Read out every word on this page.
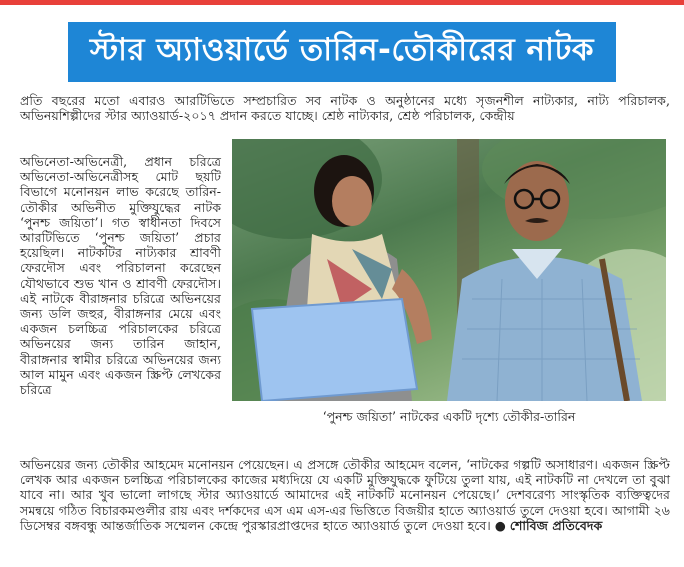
স্টার অ্যাওয়ার্ডে তারিন-তৌকীরের নাটক

প্রতি বছরের মতো এবারও আরটিভিতে সম্প্রচারিত সব নাটক ও অনুষ্ঠানের মধ্যে সৃজনশীল নাট্যকার, নাট্য পরিচালক, অভিনয়শিল্পীদের স্টার অ্যাওয়ার্ড-২০১৭ প্রদান করতে যাচ্ছে। শ্রেষ্ঠ নাট্যকার, শ্রেষ্ঠ পরিচালক, কেন্দ্রীয়

অভিনেতা-অভিনেত্রী, প্রধান চরিত্রে অভিনেতা-অভিনেত্রীসহ মোট ছয়টি বিভাগে মনোনয়ন লাভ করেছে তারিন-তৌকীর অভিনীত মুক্তিযুদ্ধের নাটক ‘পুনশ্চ জয়িতা’। গত স্বাধীনতা দিবসে আরটিভিতে ‘পুনশ্চ জয়িতা’ প্রচার হয়েছিল। নাটকটির নাট্যকার শ্রাবণী ফেরদৌস এবং পরিচালনা করেছেন যৌথভাবে শুভ খান ও শ্রাবণী ফেরদৌস। এই নাটকে বীরাঙ্গনার চরিত্রে অভিনয়ের জন্য ডলি জহুর, বীরাঙ্গনার মেয়ে এবং একজন চলচ্চিত্র পরিচালকের চরিত্রে অভিনয়ের জন্য তারিন জাহান, বীরাঙ্গনার স্বামীর চরিত্রে অভিনয়ের জন্য আল মামুন এবং একজন স্ক্রিপ্ট লেখকের চরিত্রে

‘পুনশ্চ জয়িতা’ নাটকের একটি দৃশ্যে তৌকীর-তারিন

অভিনয়ের জন্য তৌকীর আহমেদ মনোনয়ন পেয়েছেন। এ প্রসঙ্গে তৌকীর আহমেদ বলেন, ‘নাটকের গল্পটি অসাধারণ। একজন স্ক্রিপ্ট লেখক আর একজন চলচ্চিত্র পরিচালকের কাজের মধ্যদিয়ে যে একটি মুক্তিযুদ্ধকে ফুটিয়ে তুলা যায়, এই নাটকটি না দেখলে তা বুঝা যাবে না। আর খুব ভালো লাগছে স্টার অ্যাওয়ার্ডে আমাদের এই নাটকটি মনোনয়ন পেয়েছে।’ দেশবরেণ্য সাংস্কৃতিক ব্যক্তিত্বদের সমন্বয়ে গঠিত বিচারকমণ্ডলীর রায় এবং দর্শকদের এস এম এস-এর ভিত্তিতে বিজয়ীর হাতে অ্যাওয়ার্ড তুলে দেওয়া হবে। আগামী ২৬ ডিসেম্বর বঙ্গবন্ধু আন্তর্জাতিক সম্মেলন কেন্দ্রে পুরস্কারপ্রাপ্তদের হাতে অ্যাওয়ার্ড তুলে দেওয়া হবে। ● শোবিজ প্রতিবেদক
